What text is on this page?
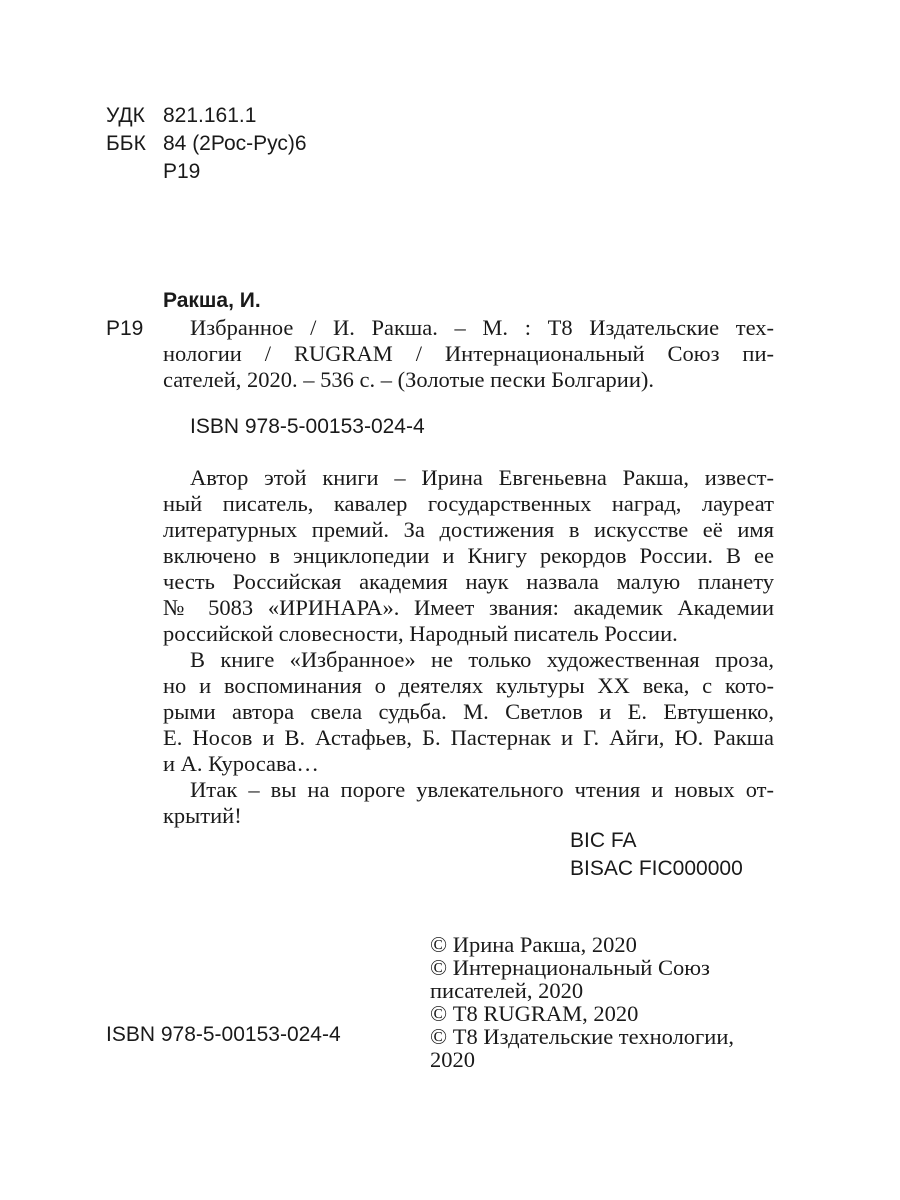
УДК 821.161.1
ББК 84 (2Рос-Рус)6
Р19
Ракша, И.
Р19 Избранное / И. Ракша. – М. : Т8 Издательские тех-
нологии / RUGRAM / Интернациональный Союз пи-
сателей, 2020. – 536 с. – (Золотые пески Болгарии).
ISBN 978-5-00153-024-4
Автор этой книги – Ирина Евгеньевна Ракша, извест-
ный писатель, кавалер государственных наград, лауреат
литературных премий. За достижения в искусстве её имя
включено в энциклопедии и Книгу рекордов России. В ее
честь Российская академия наук назвала малую планету
№ 5083 «ИРИНАРА». Имеет звания: академик Академии
российской словесности, Народный писатель России.
В книге «Избранное» не только художественная проза,
но и воспоминания о деятелях культуры XX века, с кото-
рыми автора свела судьба. М. Светлов и Е. Евтушенко,
Е. Носов и В. Астафьев, Б. Пастернак и Г. Айги, Ю. Ракша
и А. Куросава…
Итак – вы на пороге увлекательного чтения и новых от-
крытий!
BIC FA
BISAC FIC000000
ISBN 978-5-00153-024-4
© Ирина Ракша, 2020
© Интернациональный Союз
писателей, 2020
© Т8 RUGRAM, 2020
© Т8 Издательские технологии,
2020
